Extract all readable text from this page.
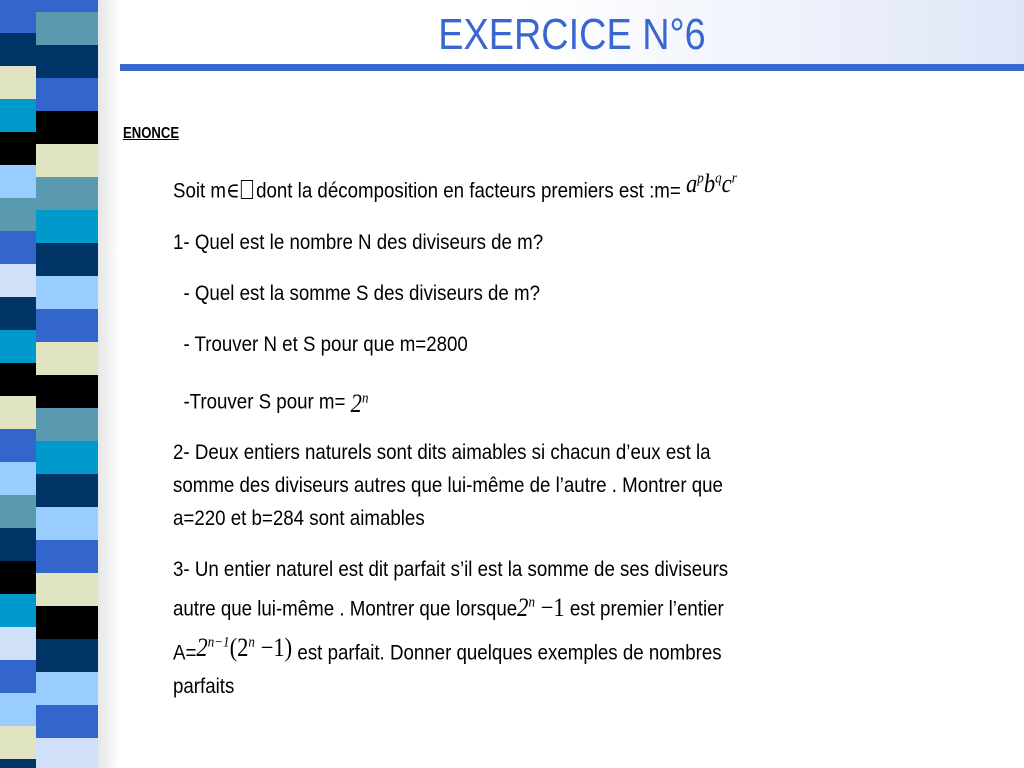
EXERCICE N°6
ENONCE
Soit m∈ dont la décomposition en facteurs premiers est :m= $a^pb^qc^r$
1- Quel est le nombre N des diviseurs de m?
- Quel est la somme S des diviseurs de m?
- Trouver N et S pour que m=2800
-Trouver S pour $m= 2^n$
2- Deux entiers naturels sont dits aimables si chacun d’eux est la
somme des diviseurs autres que lui-même de l’autre . Montrer que
a=220 et b=284 sont aimables
3- Un entier naturel est dit parfait s’il est la somme de ses diviseurs
autre que lui-même . Montrer que $lorsque2^n -1$ est premier l’entier
$A=2^{n-1}(2^n -1)$ est parfait. Donner quelques exemples de nombres
parfaits
